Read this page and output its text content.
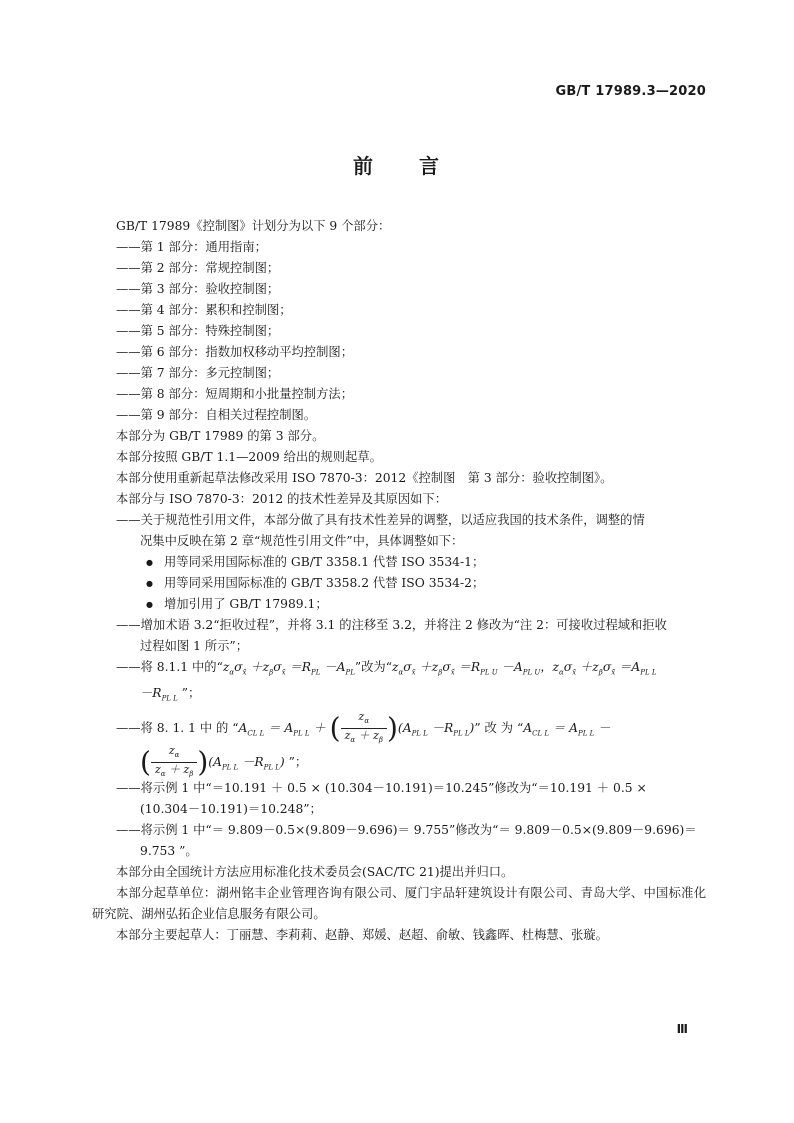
GB/T 17989.3—2020
前　　言
GB/T 17989《控制图》计划分为以下 9 个部分：
——第 1 部分：通用指南；
——第 2 部分：常规控制图；
——第 3 部分：验收控制图；
——第 4 部分：累积和控制图；
——第 5 部分：特殊控制图；
——第 6 部分：指数加权移动平均控制图；
——第 7 部分：多元控制图；
——第 8 部分：短周期和小批量控制方法；
——第 9 部分：自相关过程控制图。
本部分为 GB/T 17989 的第 3 部分。
本部分按照 GB/T 1.1—2009 给出的规则起草。
本部分使用重新起草法修改采用 ISO 7870-3：2012《控制图　第 3 部分：验收控制图》。
本部分与 ISO 7870-3：2012 的技术性差异及其原因如下：
——关于规范性引用文件，本部分做了具有技术性差异的调整，以适应我国的技术条件，调整的情
况集中反映在第 2 章“规范性引用文件”中，具体调整如下：
● 用等同采用国际标准的 GB/T 3358.1 代替 ISO 3534-1；
● 用等同采用国际标准的 GB/T 3358.2 代替 ISO 3534-2；
● 增加引用了 GB/T 17989.1；
——增加术语 3.2“拒收过程”，并将 3.1 的注移至 3.2，并将注 2 修改为“注 2：可接收过程域和拒收
过程如图 1 所示”；
——将 8.1.1 中的“$z_\alpha\sigma_{x̄} +z_\beta\sigma_{x̄} =R_{PL} -A_{PL}$”改为“$z_\alpha\sigma_{x̄} +z_\beta\sigma_{x̄} =R_{PL U} -A_{PL U}$，$z_\alpha\sigma_{x̄} +z_\beta\sigma_{x̄} =A_{PL L}$
$-R_{PL L}$ ”；
——将 8. 1. 1 中 的 “$A_{CL L} = A_{PL L}$ ＋ ( $\frac{z_\alpha}{z_\alpha + z_\beta} )(A_{PL L} -R_{PL L})$” 改 为 “$A_{CL L} = A_{PL L}$ －
( $\frac{z_\alpha}{z_\alpha + z_\beta} )(A_{PL L} -R_{PL L})$ ”；
——将示例 1 中“＝10.191 ＋ 0.5 × (10.304－10.191)＝10.245”修改为“＝10.191 ＋ 0.5 ×
(10.304－10.191)＝10.248”；
——将示例 1 中“＝ 9.809－0.5×(9.809－9.696)＝ 9.755”修改为“＝ 9.809－0.5×(9.809－9.696)＝
9.753 ”。
本部分由全国统计方法应用标准化技术委员会(SAC/TC 21)提出并归口。
本部分起草单位：湖州铭丰企业管理咨询有限公司、厦门宇品轩建筑设计有限公司、青岛大学、中国标准化研究院、湖州弘拓企业信息服务有限公司。
本部分主要起草人：丁丽慧、李莉莉、赵静、郑媛、赵超、俞敏、钱鑫晖、杜梅慧、张璇。
Ⅲ
